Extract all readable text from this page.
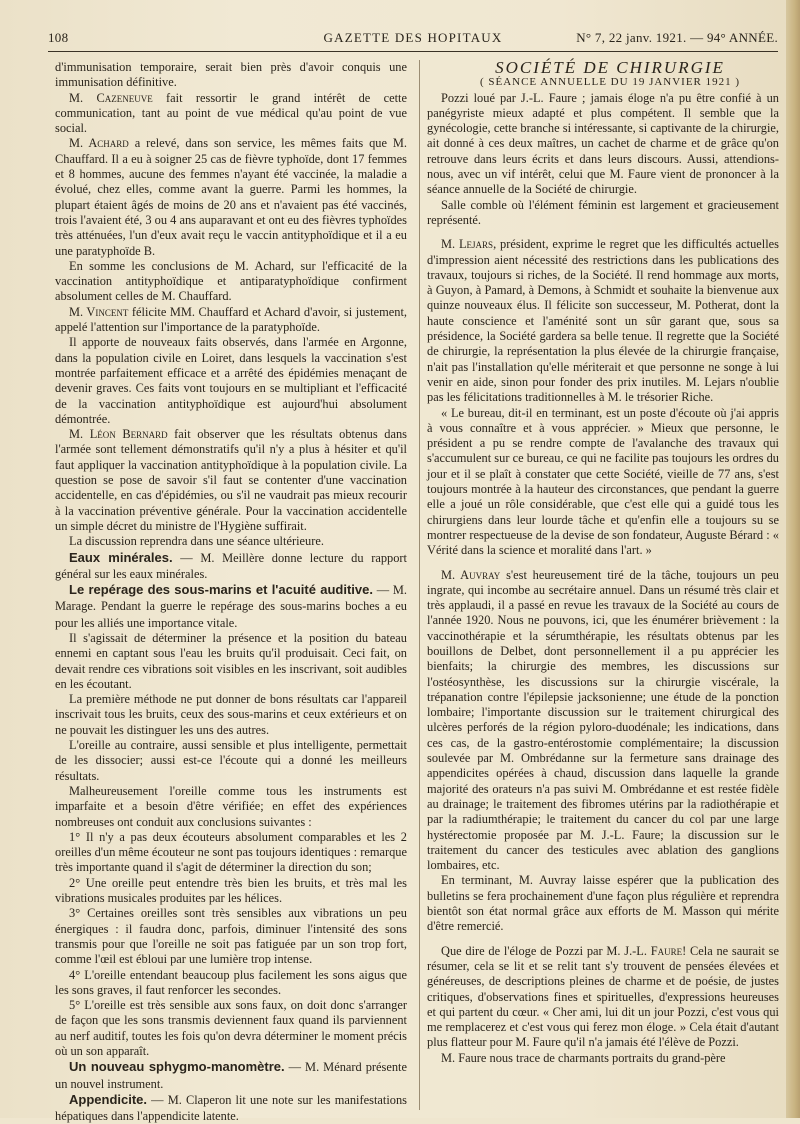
108	GAZETTE DES HOPITAUX	N° 7, 22 janv. 1921. — 94° ANNÉE.

d'immunisation temporaire, serait bien près d'avoir conquis une immunisation définitive.

M. Cazeneuve fait ressortir le grand intérêt de cette communication, tant au point de vue médical qu'au point de vue social.

M. Achard a relevé, dans son service, les mêmes faits que M. Chauffard. Il a eu à soigner 25 cas de fièvre typhoïde, dont 17 femmes et 8 hommes, aucune des femmes n'ayant été vaccinée, la maladie a évolué, chez elles, comme avant la guerre. Parmi les hommes, la plupart étaient âgés de moins de 20 ans et n'avaient pas été vaccinés, trois l'avaient été, 3 ou 4 ans auparavant et ont eu des fièvres typhoïdes très atténuées, l'un d'eux avait reçu le vaccin antityphoïdique et il a eu une paratyphoïde B.

En somme les conclusions de M. Achard, sur l'efficacité de la vaccination antityphoïdique et antiparatyphoïdique confirment absolument celles de M. Chauffard.

M. Vincent félicite MM. Chauffard et Achard d'avoir, si justement, appelé l'attention sur l'importance de la paratyphoïde.

Il apporte de nouveaux faits observés, dans l'armée en Argonne, dans la population civile en Loiret, dans lesquels la vaccination s'est montrée parfaitement efficace et a arrêté des épidémies menaçant de devenir graves. Ces faits vont toujours en se multipliant et l'efficacité de la vaccination antityphoïdique est aujourd'hui absolument démontrée.

M. Léon Bernard fait observer que les résultats obtenus dans l'armée sont tellement démonstratifs qu'il n'y a plus à hésiter et qu'il faut appliquer la vaccination antityphoïdique à la population civile. La question se pose de savoir s'il faut se contenter d'une vaccination accidentelle, en cas d'épidémies, ou s'il ne vaudrait pas mieux recourir à la vaccination préventive générale. Pour la vaccination accidentelle un simple décret du ministre de l'Hygiène suffirait.

La discussion reprendra dans une séance ultérieure.

Eaux minérales. — M. Meillère donne lecture du rapport général sur les eaux minérales.

Le repérage des sous-marins et l'acuité auditive. — M. Marage. Pendant la guerre le repérage des sous-marins boches a eu pour les alliés une importance vitale.

Il s'agissait de déterminer la présence et la position du bateau ennemi en captant sous l'eau les bruits qu'il produisait. Ceci fait, on devait rendre ces vibrations soit visibles en les inscrivant, soit audibles en les écoutant.

La première méthode ne put donner de bons résultats car l'appareil inscrivait tous les bruits, ceux des sous-marins et ceux extérieurs et on ne pouvait les distinguer les uns des autres.

L'oreille au contraire, aussi sensible et plus intelligente, permettait de les dissocier; aussi est-ce l'écoute qui a donné les meilleurs résultats.

Malheureusement l'oreille comme tous les instruments est imparfaite et a besoin d'être vérifiée; en effet des expériences nombreuses ont conduit aux conclusions suivantes :

1° Il n'y a pas deux écouteurs absolument comparables et les 2 oreilles d'un même écouteur ne sont pas toujours identiques : remarque très importante quand il s'agit de déterminer la direction du son;

2° Une oreille peut entendre très bien les bruits, et très mal les vibrations musicales produites par les hélices.

3° Certaines oreilles sont très sensibles aux vibrations un peu énergiques : il faudra donc, parfois, diminuer l'intensité des sons transmis pour que l'oreille ne soit pas fatiguée par un son trop fort, comme l'œil est ébloui par une lumière trop intense.

4° L'oreille entendant beaucoup plus facilement les sons aigus que les sons graves, il faut renforcer les secondes.

5° L'oreille est très sensible aux sons faux, on doit donc s'arranger de façon que les sons transmis deviennent faux quand ils parviennent au nerf auditif, toutes les fois qu'on devra déterminer le moment précis où un son apparaît.

Un nouveau sphygmo-manomètre. — M. Ménard présente un nouvel instrument.

Appendicite. — M. Claperon lit une note sur les manifestations hépatiques dans l'appendicite latente.

SOCIÉTÉ DE CHIRURGIE

( SÉANCE ANNUELLE DU 19 JANVIER 1921 )

Pozzi loué par J.-L. Faure ; jamais éloge n'a pu être confié à un panégyriste mieux adapté et plus compétent. Il semble que la gynécologie, cette branche si intéressante, si captivante de la chirurgie, ait donné à ces deux maîtres, un cachet de charme et de grâce qu'on retrouve dans leurs écrits et dans leurs discours. Aussi, attendions-nous, avec un vif intérêt, celui que M. Faure vient de prononcer à la séance annuelle de la Société de chirurgie.

Salle comble où l'élément féminin est largement et gracieusement représenté.

M. Lejars, président, exprime le regret que les difficultés actuelles d'impression aient nécessité des restrictions dans les publications des travaux, toujours si riches, de la Société. Il rend hommage aux morts, à Guyon, à Pamard, à Demons, à Schmidt et souhaite la bienvenue aux quinze nouveaux élus. Il félicite son successeur, M. Potherat, dont la haute conscience et l'aménité sont un sûr garant que, sous sa présidence, la Société gardera sa belle tenue. Il regrette que la Société de chirurgie, la représentation la plus élevée de la chirurgie française, n'ait pas l'installation qu'elle mériterait et que personne ne songe à lui venir en aide, sinon pour fonder des prix inutiles. M. Lejars n'oublie pas les félicitations traditionnelles à M. le trésorier Riche.

« Le bureau, dit-il en terminant, est un poste d'écoute où j'ai appris à vous connaître et à vous apprécier. » Mieux que personne, le président a pu se rendre compte de l'avalanche des travaux qui s'accumulent sur ce bureau, ce qui ne facilite pas toujours les ordres du jour et il se plaît à constater que cette Société, vieille de 77 ans, s'est toujours montrée à la hauteur des circonstances, que pendant la guerre elle a joué un rôle considérable, que c'est elle qui a guidé tous les chirurgiens dans leur lourde tâche et qu'enfin elle a toujours su se montrer respectueuse de la devise de son fondateur, Auguste Bérard : « Vérité dans la science et moralité dans l'art. »

M. Auvray s'est heureusement tiré de la tâche, toujours un peu ingrate, qui incombe au secrétaire annuel. Dans un résumé très clair et très applaudi, il a passé en revue les travaux de la Société au cours de l'année 1920. Nous ne pouvons, ici, que les énumérer brièvement : la vaccinothérapie et la sérumthérapie, les résultats obtenus par les bouillons de Delbet, dont personnellement il a pu apprécier les bienfaits; la chirurgie des membres, les discussions sur l'ostéosynthèse, les discussions sur la chirurgie viscérale, la trépanation contre l'épilepsie jacksonienne; une étude de la ponction lombaire; l'importante discussion sur le traitement chirurgical des ulcères perforés de la région pyloro-duodénale; les indications, dans ces cas, de la gastro-entérostomie complémentaire; la discussion soulevée par M. Ombrédanne sur la fermeture sans drainage des appendicites opérées à chaud, discussion dans laquelle la grande majorité des orateurs n'a pas suivi M. Ombrédanne et est restée fidèle au drainage; le traitement des fibromes utérins par la radiothérapie et par la radiumthérapie; le traitement du cancer du col par une large hystérectomie proposée par M. J.-L. Faure; la discussion sur le traitement du cancer des testicules avec ablation des ganglions lombaires, etc.

En terminant, M. Auvray laisse espérer que la publication des bulletins se fera prochainement d'une façon plus régulière et reprendra bientôt son état normal grâce aux efforts de M. Masson qui mérite d'être remercié.

Que dire de l'éloge de Pozzi par M. J.-L. Faure! Cela ne saurait se résumer, cela se lit et se relit tant s'y trouvent de pensées élevées et généreuses, de descriptions pleines de charme et de poésie, de justes critiques, d'observations fines et spirituelles, d'expressions heureuses et qui partent du cœur. « Cher ami, lui dit un jour Pozzi, c'est vous qui me remplacerez et c'est vous qui ferez mon éloge. » Cela était d'autant plus flatteur pour M. Faure qu'il n'a jamais été l'élève de Pozzi.

M. Faure nous trace de charmants portraits du grand-père
